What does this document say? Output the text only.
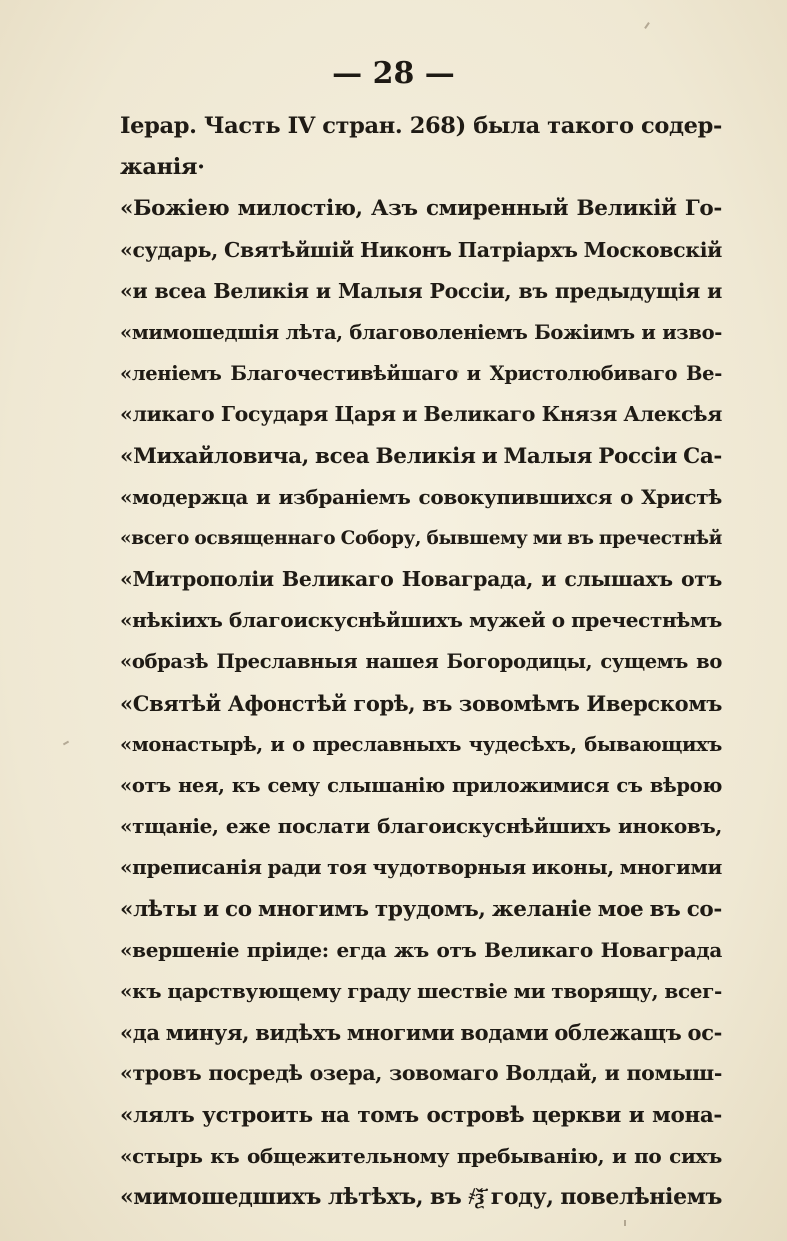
— 28 —
Iерар. Часть IV стран. 268) была такого содер-
жанія·
«Божіею милостію, Азъ смиренный Великій Го-
«сударь, Святѣйшій Никонъ Патріархъ Московскій
«и всеа Великія и Малыя Россіи, въ предыдущія и
«мимошедшія лѣта, благоволеніемъ Божіимъ и изво-
«леніемъ Благочестивѣйшаго и Христолюбиваго Ве-
«ликаго Государя Царя и Великаго Князя Алексѣя
«Михайловича, всеа Великія и Малыя Россіи Са-
«модержца и избраніемъ совокупившихся о Христѣ
«всего освященнаго Собору, бывшему ми въ пречестнѣй
«Митрополіи Великаго Новаграда, и слышахъ отъ
«нѣкіихъ благоискуснѣйшихъ мужей о пречестнѣмъ
«образѣ Преславныя нашея Богородицы, сущемъ во
«Святѣй Афонстѣй горѣ, въ зовомѣмъ Иверскомъ
«монастырѣ, и о преславныхъ чудесѣхъ, бывающихъ
«отъ нея, къ сему слышанію приложимися съ вѣрою
«тщаніе, еже послати благоискуснѣйшихъ иноковъ,
«преписанія ради тоя чудотворныя иконы, многими
«лѣты и со многимъ трудомъ, желаніе мое въ со-
«вершеніе пріиде: егда жъ отъ Великаго Новаграда
«къ царствующему граду шествіе ми творящу, всег-
«да минуя, видѣхъ многими водами облежащъ ос-
«тровъ посредѣ озера, зовомаго Волдай, и помыш-
«лялъ устроить на томъ островѣ церкви и мона-
«стырь къ общежительному пребыванію, и по сихъ
«мимошедшихъ лѣтѣхъ, въ ҂ѯ҃ году, повелѣніемъ
